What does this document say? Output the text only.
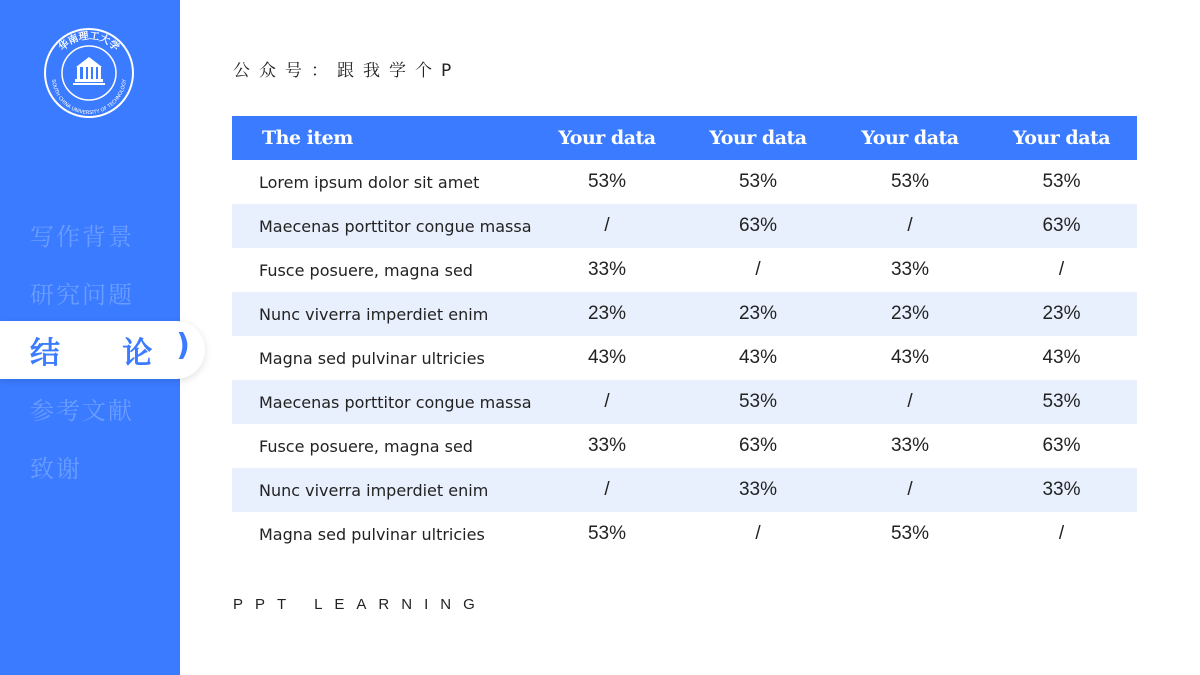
华南理工大学
SOUTH CHINA UNIVERSITY OF TECHNOLOGY
写作背景
研究问题
结 论 )
参考文献
致谢
公众号：跟我学个P
The item	Your data	Your data	Your data	Your data
Lorem ipsum dolor sit amet	53%	53%	53%	53%
Maecenas porttitor congue massa	/	63%	/	63%
Fusce posuere, magna sed	33%	/	33%	/
Nunc viverra imperdiet enim	23%	23%	23%	23%
Magna sed pulvinar ultricies	43%	43%	43%	43%
Maecenas porttitor congue massa	/	53%	/	53%
Fusce posuere, magna sed	33%	63%	33%	63%
Nunc viverra imperdiet enim	/	33%	/	33%
Magna sed pulvinar ultricies	53%	/	53%	/
PPT LEARNING
